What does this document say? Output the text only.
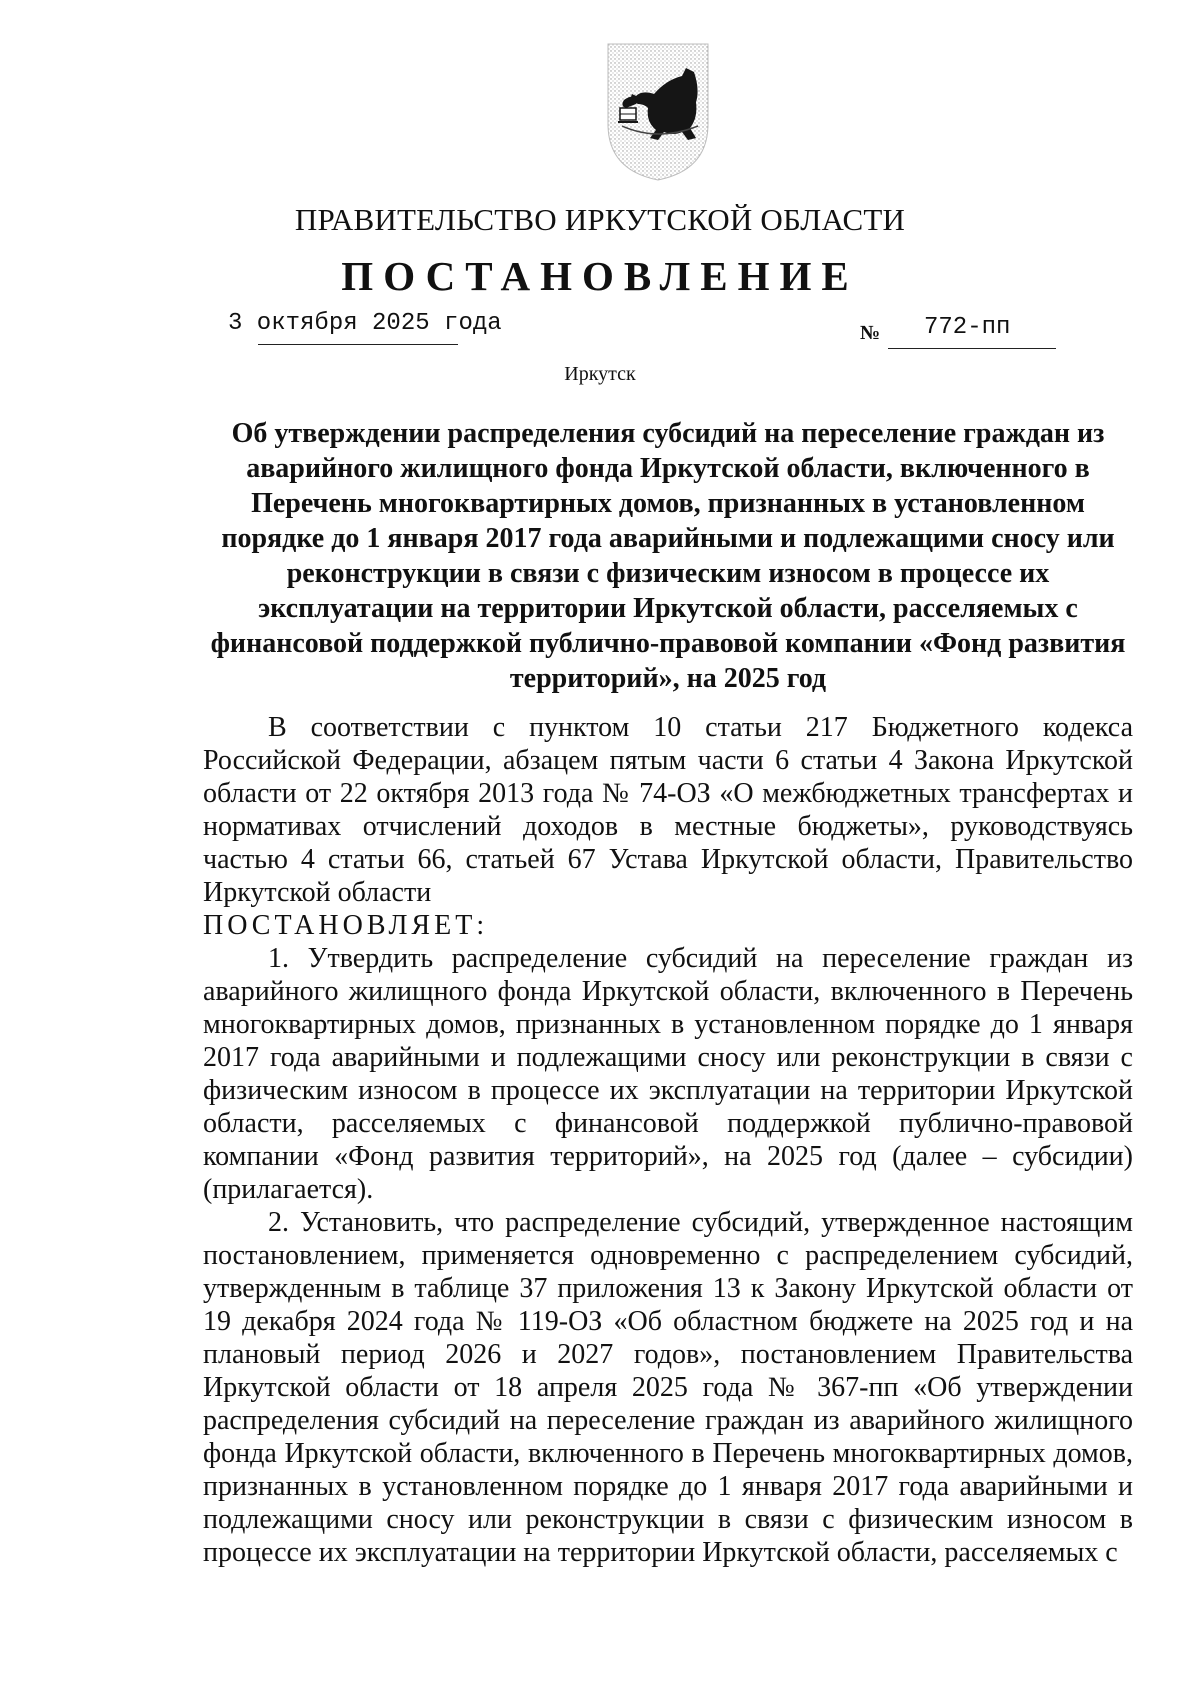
ПРАВИТЕЛЬСТВО ИРКУТСКОЙ ОБЛАСТИ
ПОСТАНОВЛЕНИЕ
3 октября 2025 года	№ 772-пп
Иркутск
Об утверждении распределения субсидий на переселение граждан из аварийного жилищного фонда Иркутской области, включенного в Перечень многоквартирных домов, признанных в установленном порядке до 1 января 2017 года аварийными и подлежащими сносу или реконструкции в связи с физическим износом в процессе их эксплуатации на территории Иркутской области, расселяемых с финансовой поддержкой публично-правовой компании «Фонд развития территорий», на 2025 год

В соответствии с пунктом 10 статьи 217 Бюджетного кодекса Российской Федерации, абзацем пятым части 6 статьи 4 Закона Иркутской области от 22 октября 2013 года № 74-ОЗ «О межбюджетных трансфертах и нормативах отчислений доходов в местные бюджеты», руководствуясь частью 4 статьи 66, статьей 67 Устава Иркутской области, Правительство Иркутской области

ПОСТАНОВЛЯЕТ:

1. Утвердить распределение субсидий на переселение граждан из аварийного жилищного фонда Иркутской области, включенного в Перечень многоквартирных домов, признанных в установленном порядке до 1 января 2017 года аварийными и подлежащими сносу или реконструкции в связи с физическим износом в процессе их эксплуатации на территории Иркутской области, расселяемых с финансовой поддержкой публично-правовой компании «Фонд развития территорий», на 2025 год (далее – субсидии) (прилагается).

2. Установить, что распределение субсидий, утвержденное настоящим постановлением, применяется одновременно с распределением субсидий, утвержденным в таблице 37 приложения 13 к Закону Иркутской области от 19 декабря 2024 года № 119-ОЗ «Об областном бюджете на 2025 год и на плановый период 2026 и 2027 годов», постановлением Правительства Иркутской области от 18 апреля 2025 года № 367-пп «Об утверждении распределения субсидий на переселение граждан из аварийного жилищного фонда Иркутской области, включенного в Перечень многоквартирных домов, признанных в установленном порядке до 1 января 2017 года аварийными и подлежащими сносу или реконструкции в связи с физическим износом в процессе их эксплуатации на территории Иркутской области, расселяемых с
